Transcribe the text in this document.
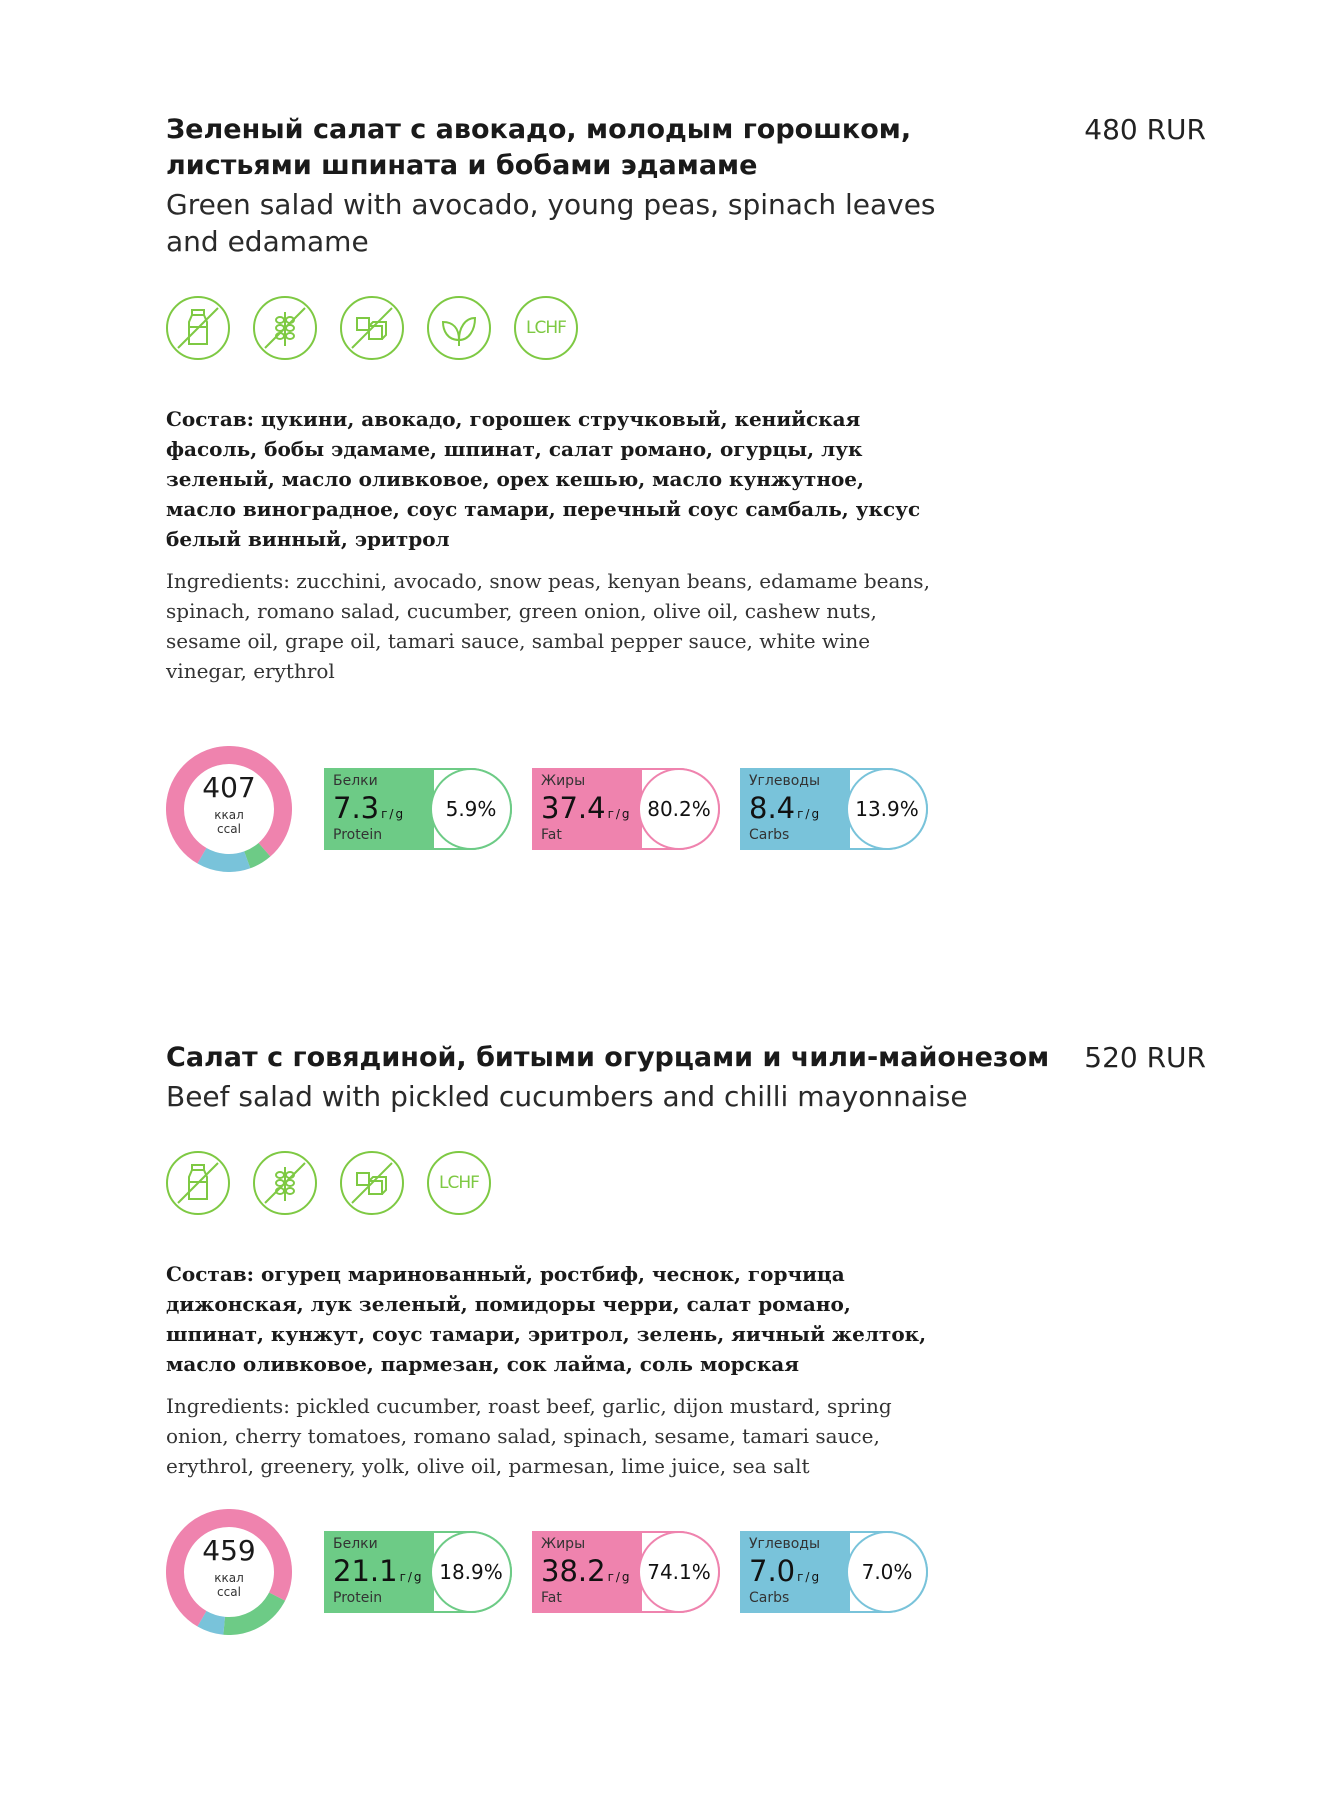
Зеленый салат с авокадо, молодым горошком, листьями шпината и бобами эдамаме
Green salad with avocado, young peas, spinach leaves and edamame
480 RUR
LCHF

Состав: цукини, авокадо, горошек стручковый, кенийская фасоль, бобы эдамаме, шпинат, салат романо, огурцы, лук зеленый, масло оливковое, орех кешью, масло кунжутное, масло виноградное, соус тамари, перечный соус самбаль, уксус белый винный, эритрол

Ingredients: zucchini, avocado, snow peas, kenyan beans, edamame beans, spinach, romano salad, cucumber, green onion, olive oil, cashew nuts, sesame oil, grape oil, tamari sauce, sambal pepper sauce, white wine vinegar, erythrol

407
ккал
ccal
Белки
7.3 г/g
Protein
5.9%
Жиры
37.4 г/g
Fat
80.2%
Углеводы
8.4 г/g
Carbs
13.9%
Салат с говядиной, битыми огурцами и чили-майонезом
Beef salad with pickled cucumbers and chilli mayonnaise
520 RUR
LCHF

Состав: огурец маринованный, ростбиф, чеснок, горчица дижонская, лук зеленый, помидоры черри, салат романо, шпинат, кунжут, соус тамари, эритрол, зелень, яичный желток, масло оливковое, пармезан, сок лайма, соль морская

Ingredients: pickled cucumber, roast beef, garlic, dijon mustard, spring onion, cherry tomatoes, romano salad, spinach, sesame, tamari sauce, erythrol, greenery, yolk, olive oil, parmesan, lime juice, sea salt

459
ккал
ccal
Белки
21.1 г/g
Protein
18.9%
Жиры
38.2 г/g
Fat
74.1%
Углеводы
7.0 г/g
Carbs
7.0%
